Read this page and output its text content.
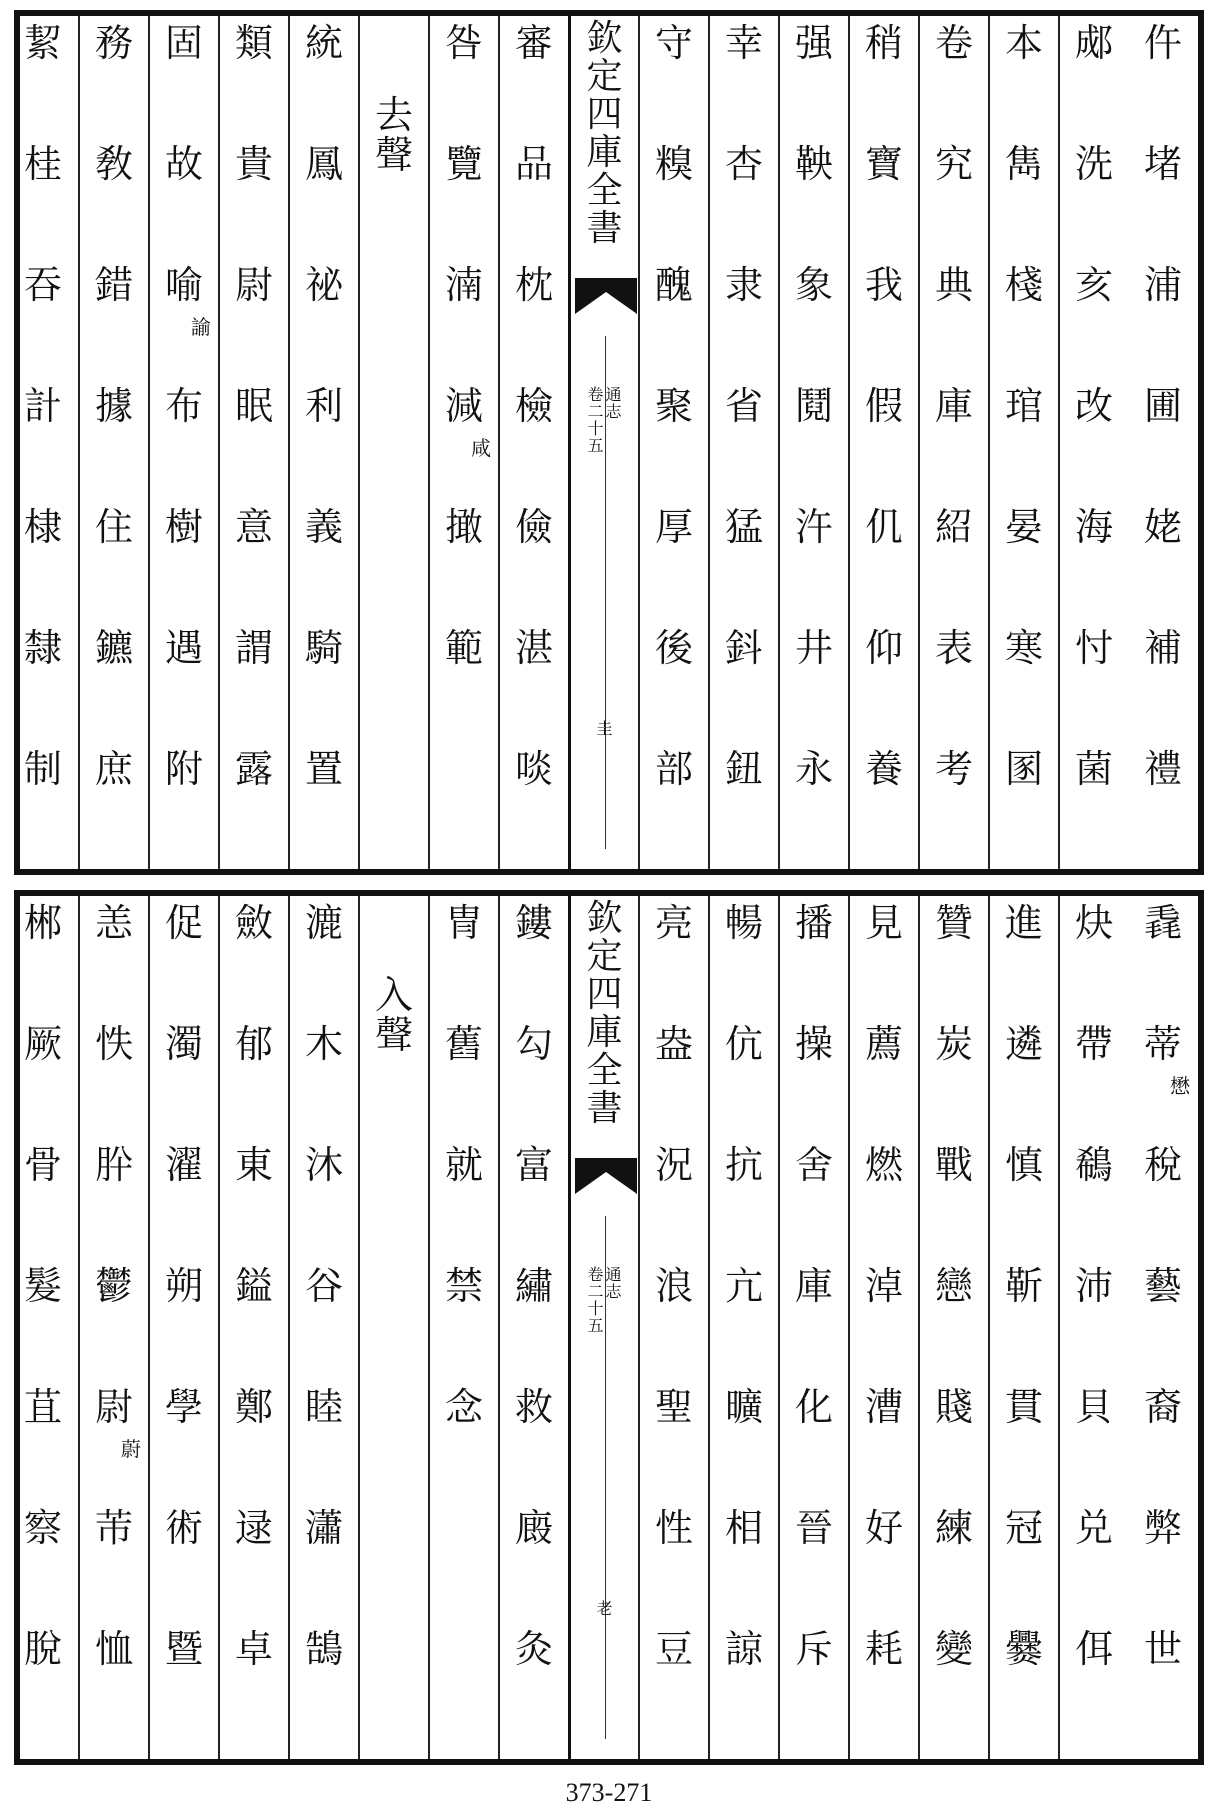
仵
堵
浦
圃
姥
補
禮
郕
洗
亥
改
海
忖
菌
本
雋
棧
琯
晏
寒
圂
卷
究
典
庫
紹
表
考
稍
寶
我
假
仉
仰
養
强
鞅
象
鬩
汻
井
永
幸
杏
隶
省
猛
鈄
鈕
守
糗
醜
聚
厚
後
部
欽
定
四
庫
全
書
卷
二
十
五
通
志
圭
審
品
枕
檢
儉
湛
啖
咎
覽
湳
減
咸
撖
範
去
聲
統
鳳
祕
利
義
騎
置
類
貴
尉
眠
意
謂
露
固
故
喻
諭
布
樹
遇
附
務
敎
錯
據
住
鑣
庶
絜
桂
吞
計
棣
隸
制
毳
蒂
懋
稅
藝
裔
弊
世
炔
帶
鵗
沛
貝
兑
佴
進
遴
慎
靳
貫
冠
爨
贊
炭
戰
戀
賤
練
變
見
薦
燃
淖
漕
好
耗
播
操
舍
庫
化
晉
斥
暢
伉
抗
亢
曠
相
諒
亮
盎
況
浪
聖
性
豆
欽
定
四
庫
全
書
卷
二
十
五
通
志
老
鏤
勾
富
繡
救
廄
灸
冑
舊
就
禁
念
入
聲
漉
木
沐
谷
睦
瀟
鵠
斂
郁
東
鎰
鄭
逯
卓
促
濁
濯
朔
學
術
暨
恙
怢
肸
鬱
尉
蔚
芾
恤
郴
厥
骨
髮
苴
察
脫
373-271
